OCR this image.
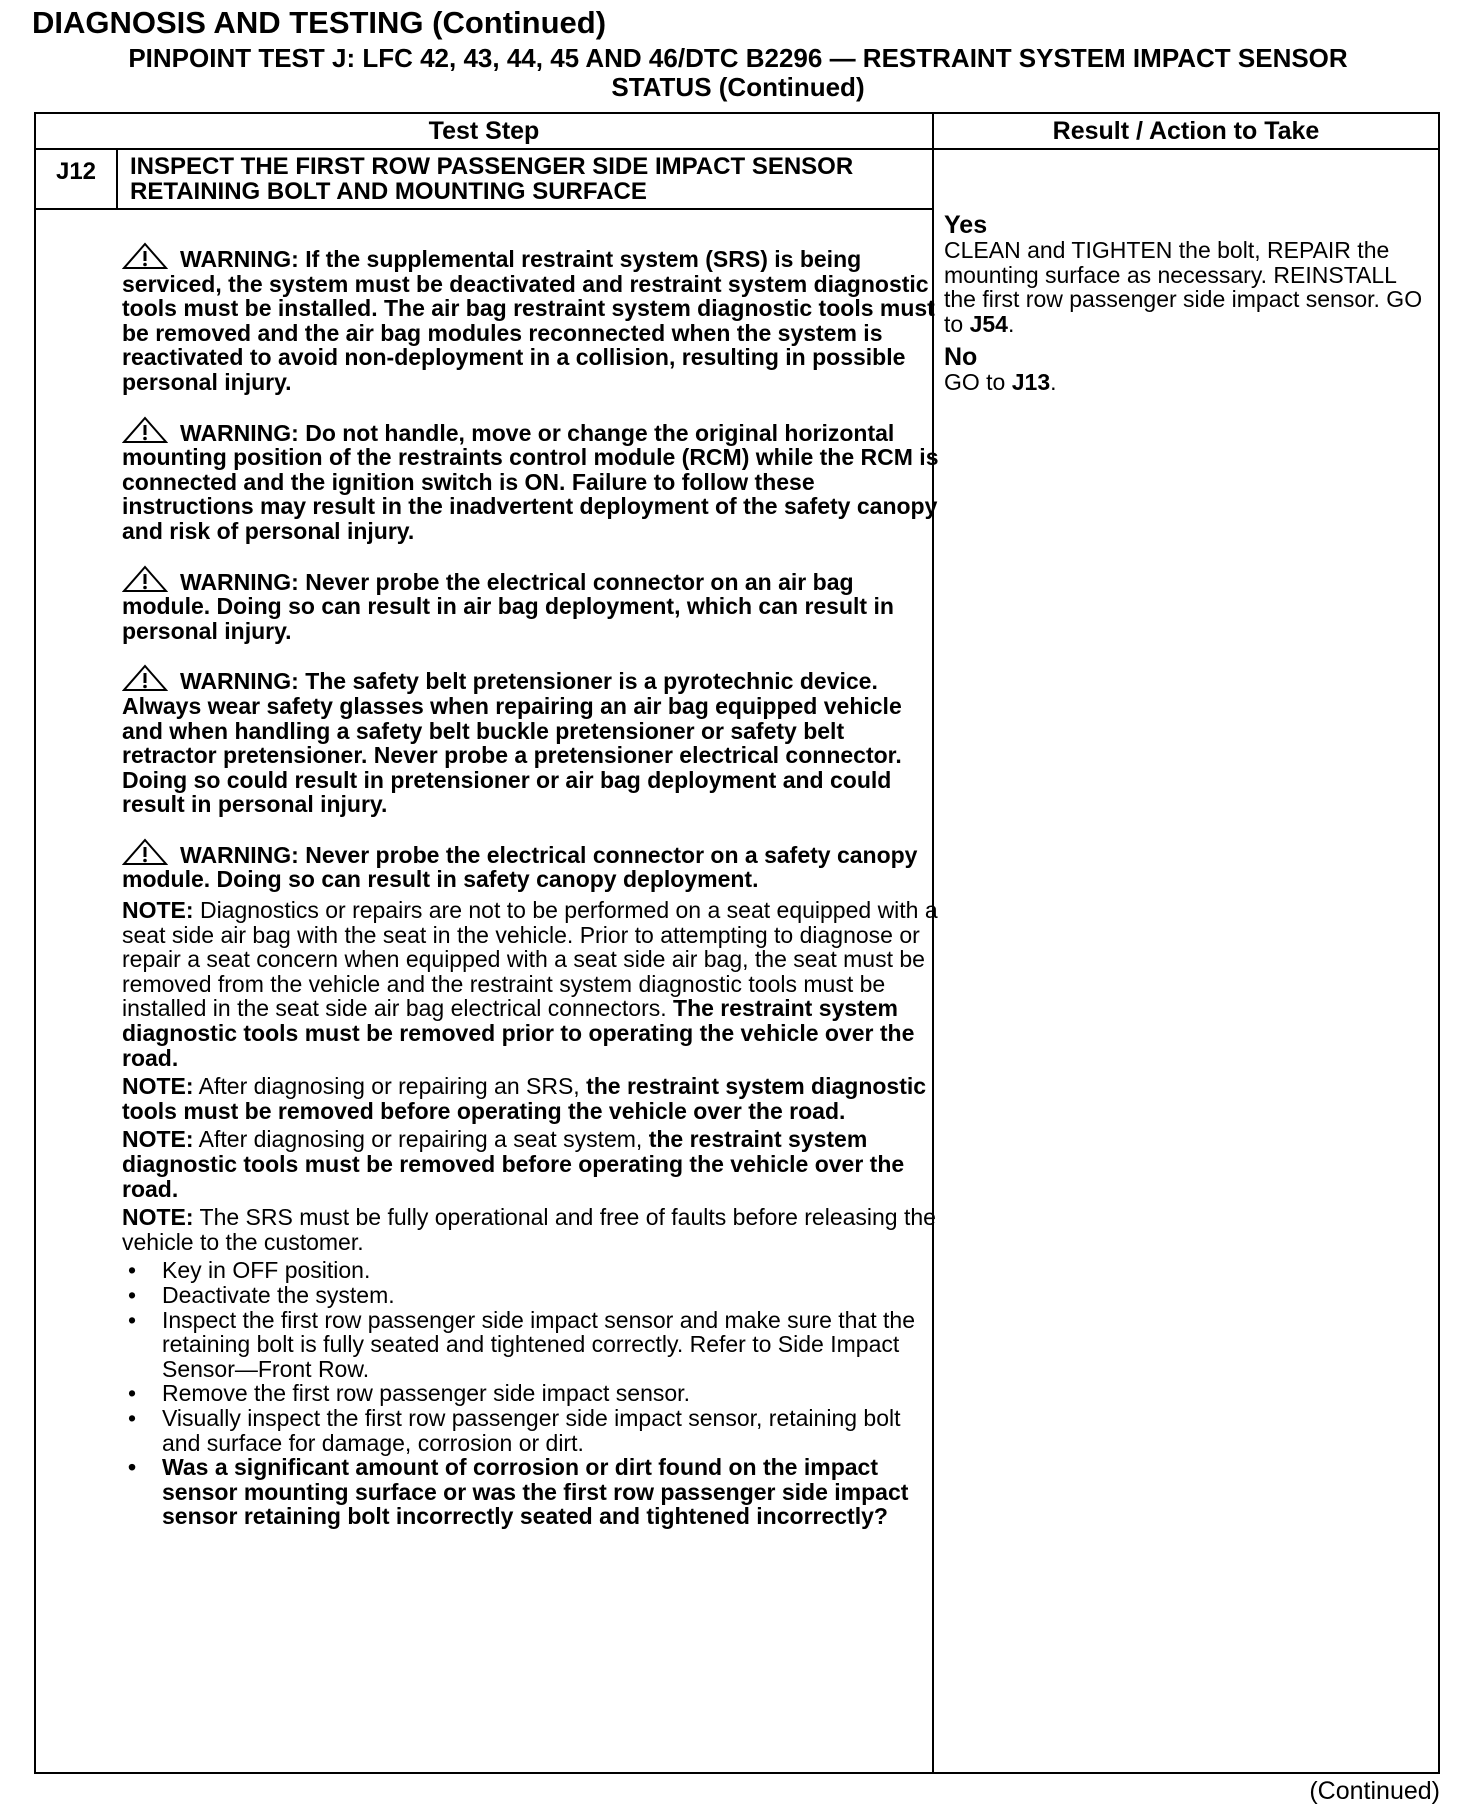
DIAGNOSIS AND TESTING (Continued)
PINPOINT TEST J: LFC 42, 43, 44, 45 AND 46/DTC B2296 — RESTRAINT SYSTEM IMPACT SENSOR
STATUS (Continued)
Test Step	Result / Action to Take
J12	INSPECT THE FIRST ROW PASSENGER SIDE IMPACT SENSOR RETAINING BOLT AND MOUNTING SURFACE
WARNING: If the supplemental restraint system (SRS) is being serviced, the system must be deactivated and restraint system diagnostic tools must be installed. The air bag restraint system diagnostic tools must be removed and the air bag modules reconnected when the system is reactivated to avoid non-deployment in a collision, resulting in possible personal injury.
WARNING: Do not handle, move or change the original horizontal mounting position of the restraints control module (RCM) while the RCM is connected and the ignition switch is ON. Failure to follow these instructions may result in the inadvertent deployment of the safety canopy and risk of personal injury.
WARNING: Never probe the electrical connector on an air bag module. Doing so can result in air bag deployment, which can result in personal injury.
WARNING: The safety belt pretensioner is a pyrotechnic device. Always wear safety glasses when repairing an air bag equipped vehicle and when handling a safety belt buckle pretensioner or safety belt retractor pretensioner. Never probe a pretensioner electrical connector. Doing so could result in pretensioner or air bag deployment and could result in personal injury.
WARNING: Never probe the electrical connector on a safety canopy module. Doing so can result in safety canopy deployment.
NOTE: Diagnostics or repairs are not to be performed on a seat equipped with a seat side air bag with the seat in the vehicle. Prior to attempting to diagnose or repair a seat concern when equipped with a seat side air bag, the seat must be removed from the vehicle and the restraint system diagnostic tools must be installed in the seat side air bag electrical connectors. The restraint system diagnostic tools must be removed prior to operating the vehicle over the road.
NOTE: After diagnosing or repairing an SRS, the restraint system diagnostic tools must be removed before operating the vehicle over the road.
NOTE: After diagnosing or repairing a seat system, the restraint system diagnostic tools must be removed before operating the vehicle over the road.
NOTE: The SRS must be fully operational and free of faults before releasing the vehicle to the customer.
• Key in OFF position.
• Deactivate the system.
• Inspect the first row passenger side impact sensor and make sure that the retaining bolt is fully seated and tightened correctly. Refer to Side Impact Sensor—Front Row.
• Remove the first row passenger side impact sensor.
• Visually inspect the first row passenger side impact sensor, retaining bolt and surface for damage, corrosion or dirt.
• Was a significant amount of corrosion or dirt found on the impact sensor mounting surface or was the first row passenger side impact sensor retaining bolt incorrectly seated and tightened incorrectly?
Yes
CLEAN and TIGHTEN the bolt, REPAIR the mounting surface as necessary. REINSTALL the first row passenger side impact sensor. GO to J54.
No
GO to J13.
(Continued)
